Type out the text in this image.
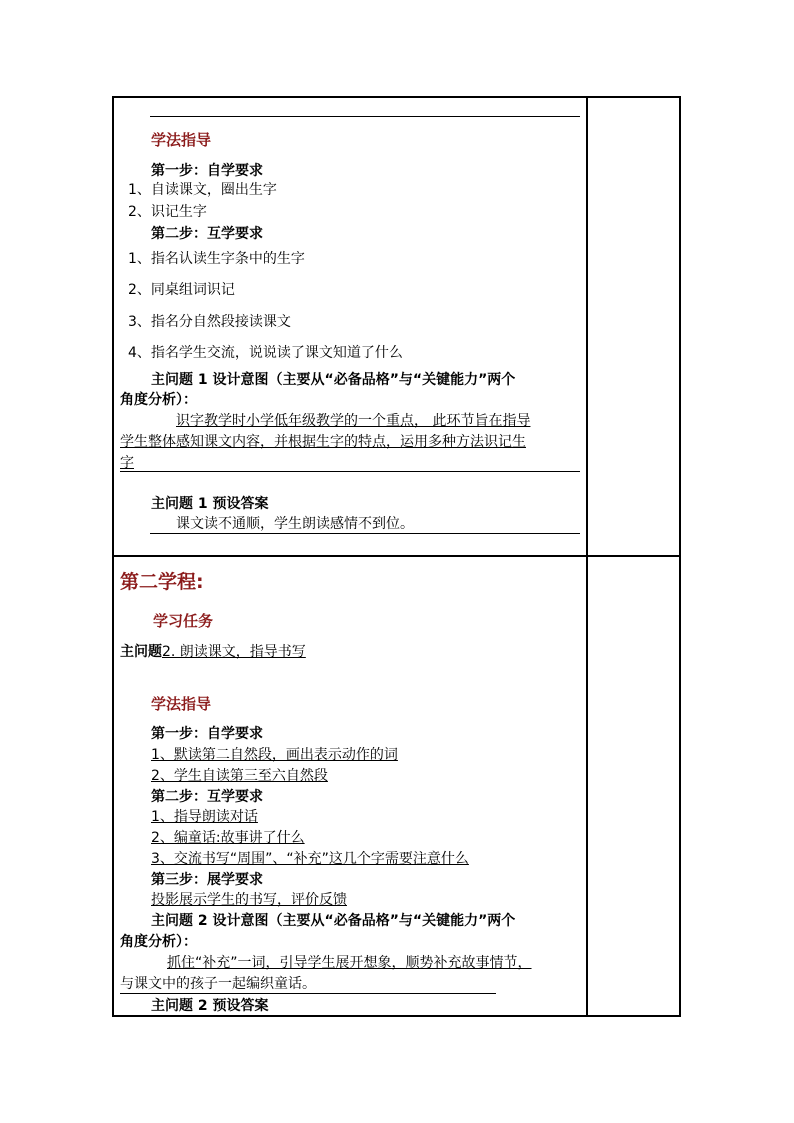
学法指导
第一步：自学要求
1、自读课文，圈出生字
2、识记生字
第二步：互学要求
1、指名认读生字条中的生字
2、同桌组词识记
3、指名分自然段接读课文
4、指名学生交流，说说读了课文知道了什么
主问题 1 设计意图（主要从“必备品格”与“关键能力”两个
角度分析）：
识字教学时小学低年级教学的一个重点， 此环节旨在指导
学生整体感知课文内容，并根据生字的特点，运用多种方法识记生
字
主问题 1 预设答案
课文读不通顺，学生朗读感情不到位。
第二学程:
学习任务
主问题2. 朗读课文，指导书写
学法指导
第一步：自学要求
1、默读第二自然段，画出表示动作的词
2、学生自读第三至六自然段
第二步：互学要求
1、指导朗读对话
2、编童话:故事讲了什么
3、交流书写“周围”、“补充”这几个字需要注意什么
第三步：展学要求
投影展示学生的书写，评价反馈
主问题 2 设计意图（主要从“必备品格”与“关键能力”两个
角度分析）：
抓住“补充”一词，引导学生展开想象，顺势补充故事情节，
与课文中的孩子一起编织童话。
主问题 2 预设答案
